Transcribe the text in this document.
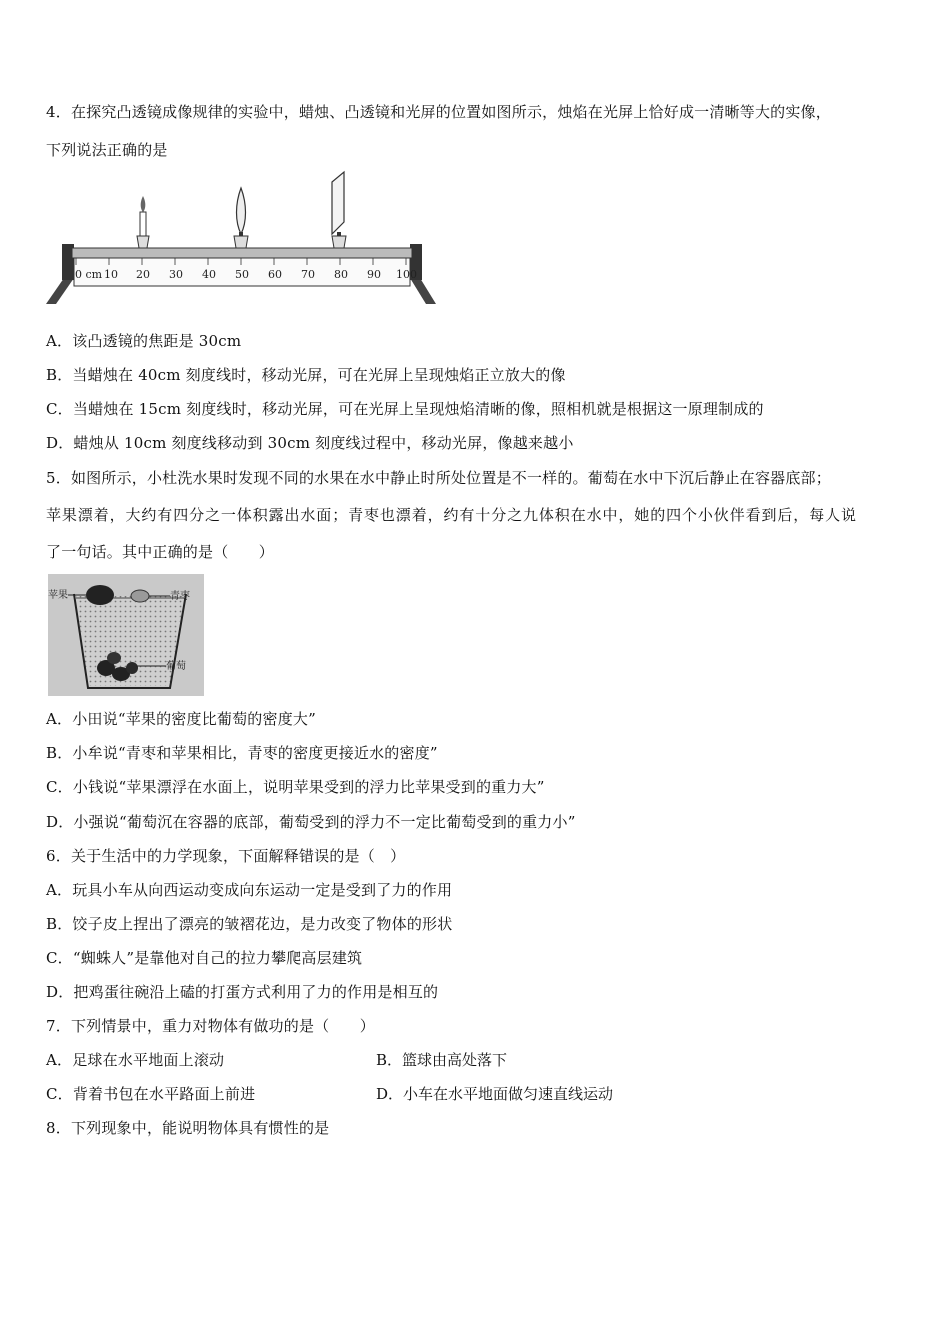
4．在探究凸透镜成像规律的实验中，蜡烛、凸透镜和光屏的位置如图所示，烛焰在光屏上恰好成一清晰等大的实像，
下列说法正确的是
0 cm 10 20 30 40 50 60 70 80 90 100
A．该凸透镜的焦距是 30cm
B．当蜡烛在 40cm 刻度线时，移动光屏，可在光屏上呈现烛焰正立放大的像
C．当蜡烛在 15cm 刻度线时，移动光屏，可在光屏上呈现烛焰清晰的像，照相机就是根据这一原理制成的
D．蜡烛从 10cm 刻度线移动到 30cm 刻度线过程中，移动光屏，像越来越小
5．如图所示，小杜洗水果时发现不同的水果在水中静止时所处位置是不一样的。葡萄在水中下沉后静止在容器底部；
苹果漂着，大约有四分之一体积露出水面；青枣也漂着，约有十分之九体积在水中，她的四个小伙伴看到后，每人说
了一句话。其中正确的是（　　）
苹果	青枣
葡萄
A．小田说“苹果的密度比葡萄的密度大”
B．小牟说“青枣和苹果相比，青枣的密度更接近水的密度”
C．小钱说“苹果漂浮在水面上，说明苹果受到的浮力比苹果受到的重力大”
D．小强说“葡萄沉在容器的底部，葡萄受到的浮力不一定比葡萄受到的重力小”
6．关于生活中的力学现象，下面解释错误的是（　）
A．玩具小车从向西运动变成向东运动一定是受到了力的作用
B．饺子皮上捏出了漂亮的皱褶花边，是力改变了物体的形状
C．“蜘蛛人”是靠他对自己的拉力攀爬高层建筑
D．把鸡蛋往碗沿上磕的打蛋方式利用了力的作用是相互的
7．下列情景中，重力对物体有做功的是（　　）
A．足球在水平地面上滚动	B．篮球由高处落下
C．背着书包在水平路面上前进	D．小车在水平地面做匀速直线运动
8．下列现象中，能说明物体具有惯性的是
